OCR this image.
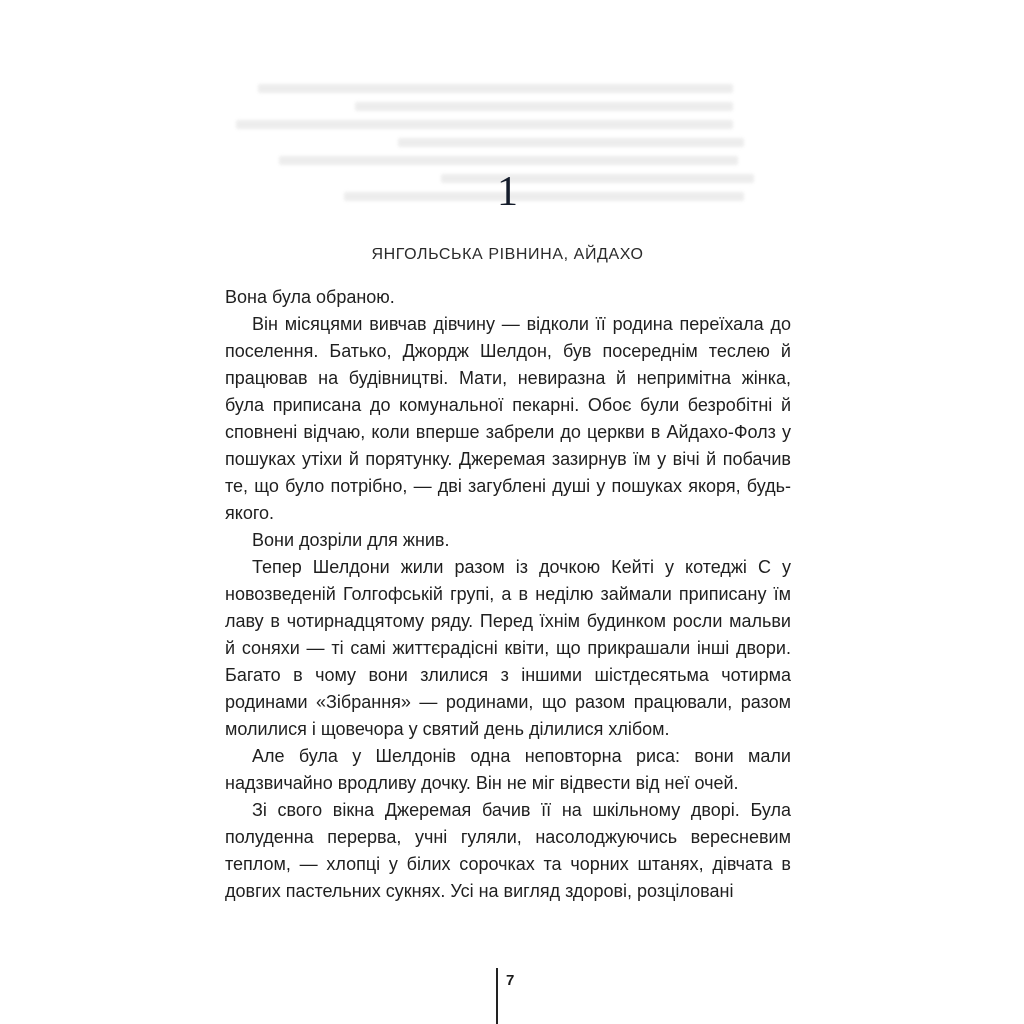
1
ЯНГОЛЬСЬКА РІВНИНА, АЙДАХО

Вона була обраною.

Він місяцями вивчав дівчину — відколи її родина переїхала до поселення. Батько, Джордж Шелдон, був посереднім теслею й працював на будівництві. Мати, невиразна й непримітна жінка, була приписана до комунальної пекарні. Обоє були безробітні й сповнені відчаю, коли вперше забрели до церкви в Айдахо-Фолз у пошуках утіхи й порятунку. Джеремая зазирнув їм у вічі й побачив те, що було потрібно, — дві загублені душі у пошуках якоря, будь-якого.

Вони дозріли для жнив.

Тепер Шелдони жили разом із дочкою Кейті у котеджі С у новозведеній Голгофській групі, а в неділю займали приписану їм лаву в чотирнадцятому ряду. Перед їхнім будинком росли мальви й соняхи — ті самі життєрадісні квіти, що прикрашали інші двори. Багато в чому вони злилися з іншими шістдесятьма чотирма родинами «Зібрання» — родинами, що разом працювали, разом молилися і щовечора у святий день ділилися хлібом.

Але була у Шелдонів одна неповторна риса: вони мали надзвичайно вродливу дочку. Він не міг відвести від неї очей.

Зі свого вікна Джеремая бачив її на шкільному дворі. Була полуденна перерва, учні гуляли, насолоджуючись вересневим теплом, — хлопці у білих сорочках та чорних штанях, дівчата в довгих пастельних сукнях. Усі на вигляд здорові, розціловані

7
